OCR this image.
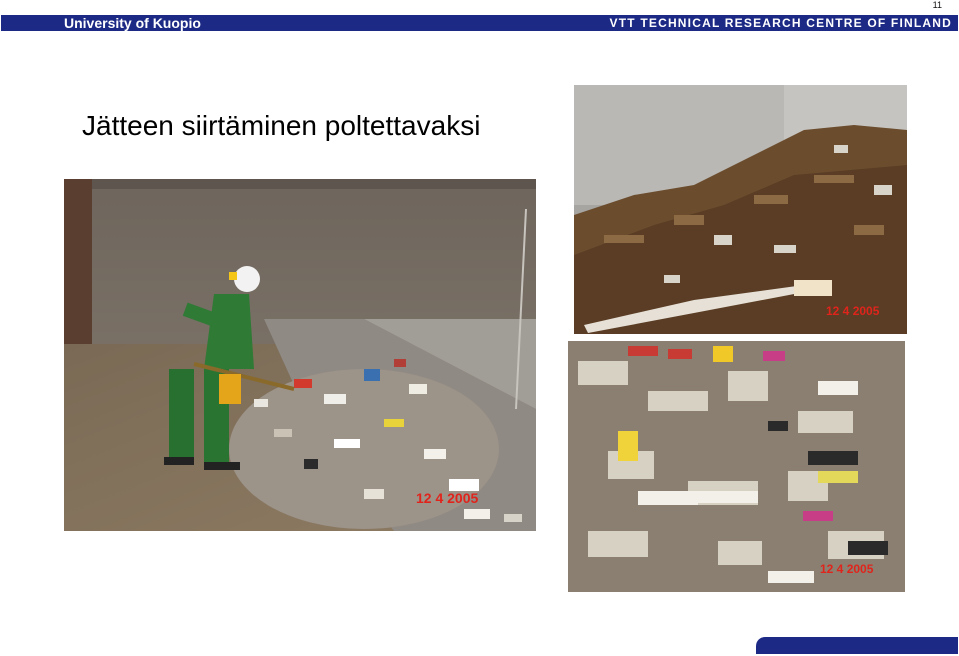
University of Kuopio	VTT TECHNICAL RESEARCH CENTRE OF FINLAND
11
Jätteen siirtäminen poltettavaksi
12 4 2005
12 4 2005
12 4 2005
